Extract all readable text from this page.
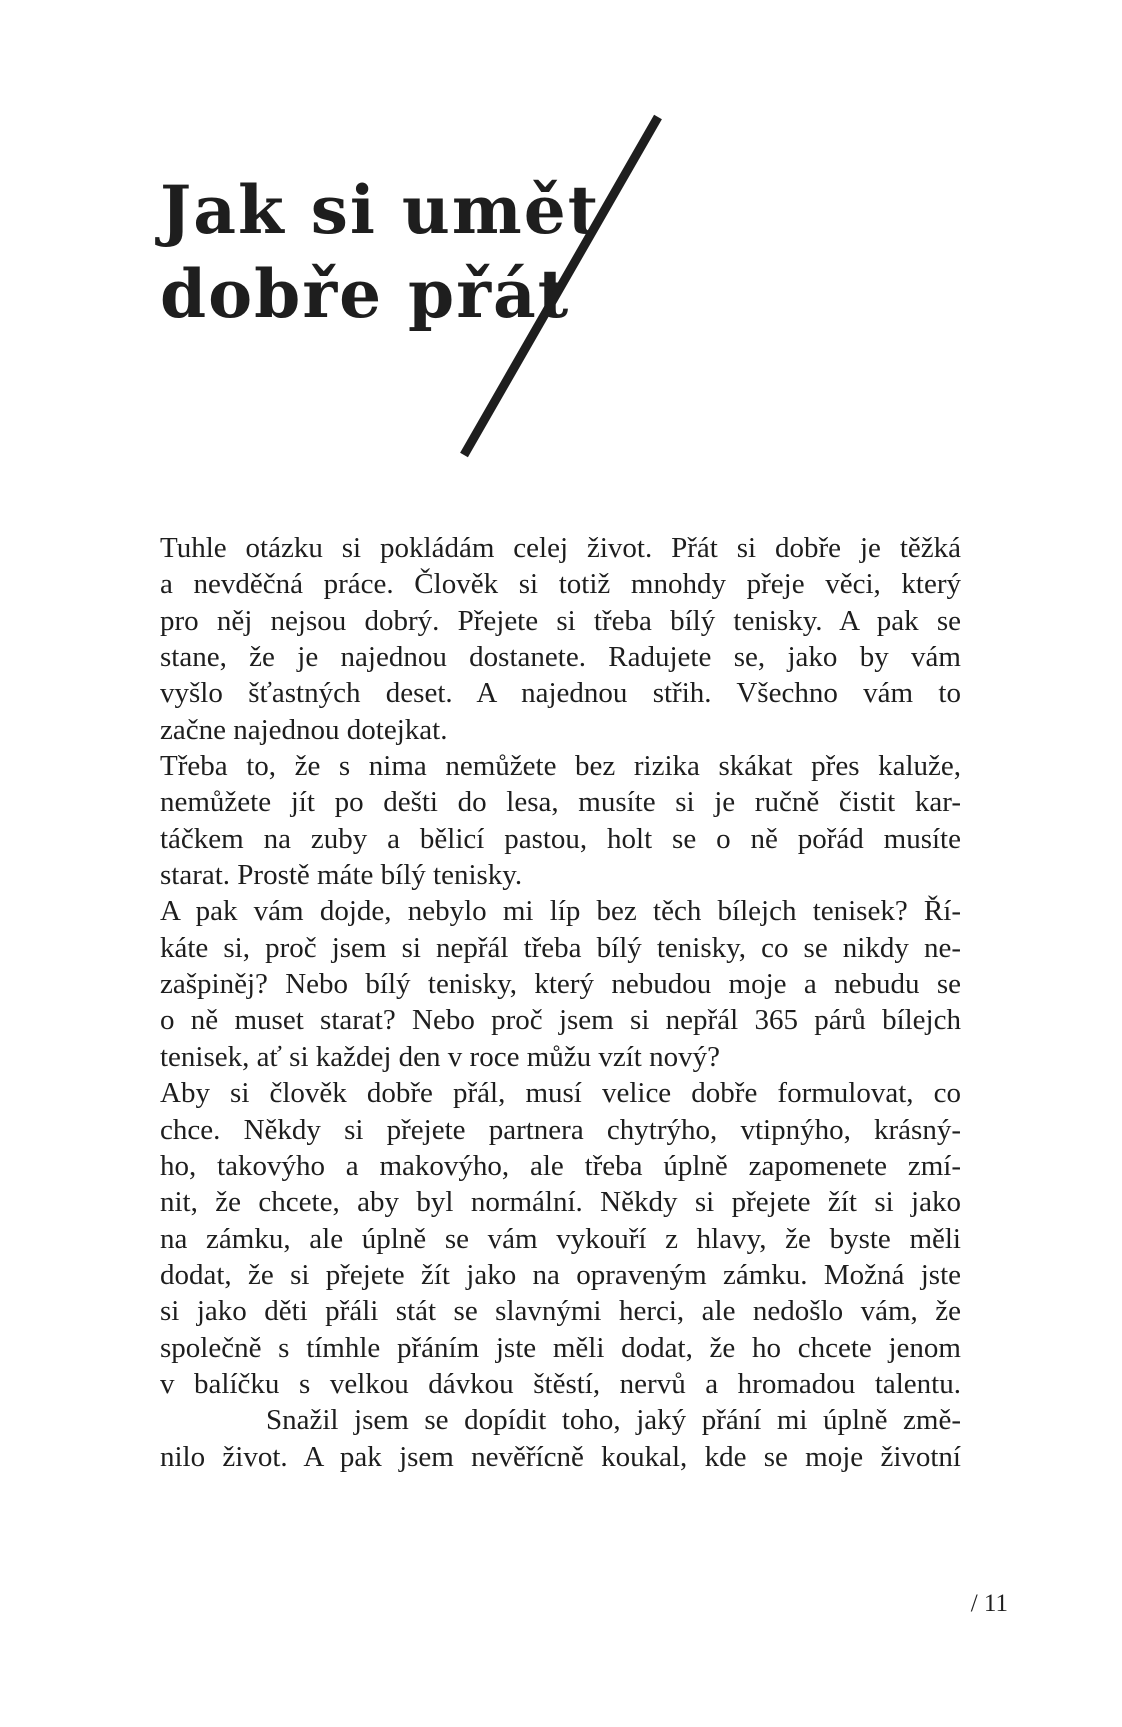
Jak si umět
dobře přát
Tuhle otázku si pokládám celej život. Přát si dobře je těžká
a nevděčná práce. Člověk si totiž mnohdy přeje věci, který
pro něj nejsou dobrý. Přejete si třeba bílý tenisky. A pak se
stane, že je najednou dostanete. Radujete se, jako by vám
vyšlo šťastných deset. A najednou střih. Všechno vám to
začne najednou dotejkat.
Třeba to, že s nima nemůžete bez rizika skákat přes kaluže,
nemůžete jít po dešti do lesa, musíte si je ručně čistit kar-
táčkem na zuby a bělicí pastou, holt se o ně pořád musíte
starat. Prostě máte bílý tenisky.
A pak vám dojde, nebylo mi líp bez těch bílejch tenisek? Ří-
káte si, proč jsem si nepřál třeba bílý tenisky, co se nikdy ne-
zašpiněj? Nebo bílý tenisky, který nebudou moje a nebudu se
o ně muset starat? Nebo proč jsem si nepřál 365 párů bílejch
tenisek, ať si každej den v roce můžu vzít nový?
Aby si člověk dobře přál, musí velice dobře formulovat, co
chce. Někdy si přejete partnera chytrýho, vtipnýho, krásný-
ho, takovýho a makovýho, ale třeba úplně zapomenete zmí-
nit, že chcete, aby byl normální. Někdy si přejete žít si jako
na zámku, ale úplně se vám vykouří z hlavy, že byste měli
dodat, že si přejete žít jako na opraveným zámku. Možná jste
si jako děti přáli stát se slavnými herci, ale nedošlo vám, že
společně s tímhle přáním jste měli dodat, že ho chcete jenom
v balíčku s velkou dávkou štěstí, nervů a hromadou talentu.
Snažil jsem se dopídit toho, jaký přání mi úplně změ-
nilo život. A pak jsem nevěřícně koukal, kde se moje životní
/ 11
